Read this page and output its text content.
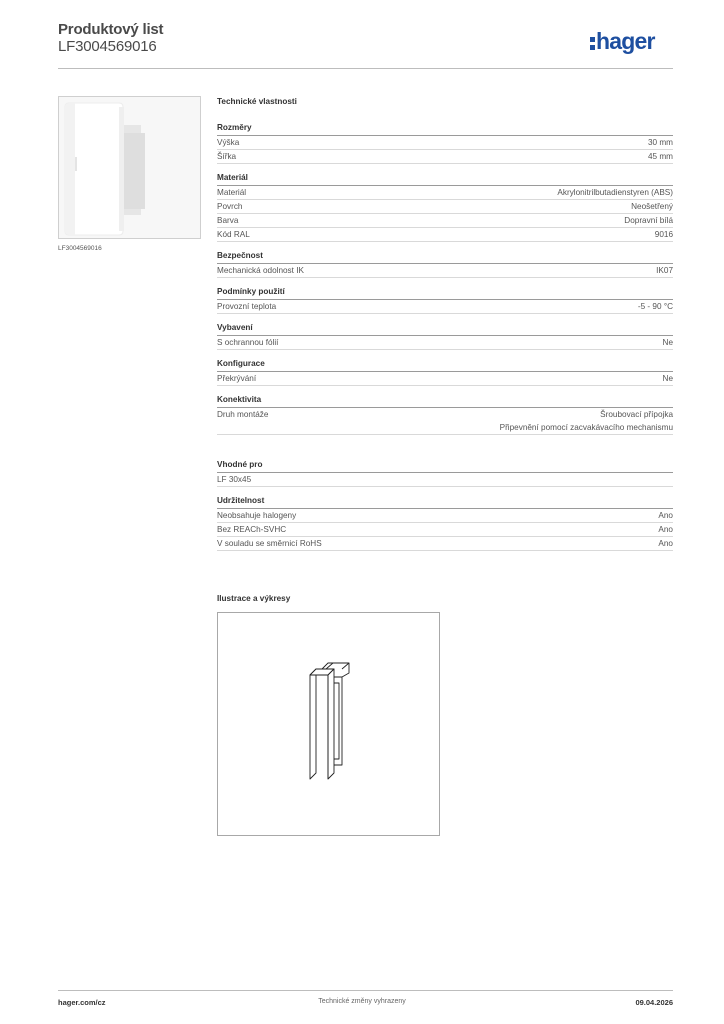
Produktový list
LF3004569016	hager
LF3004569016
Technické vlastnosti
Rozměry
Výška	30 mm
Šířka	45 mm
Materiál
Materiál	Akrylonitrilbutadienstyren (ABS)
Povrch	Neošetřený
Barva	Dopravní bílá
Kód RAL	9016
Bezpečnost
Mechanická odolnost IK	IK07
Podmínky použití
Provozní teplota	-5 - 90 °C
Vybavení
S ochrannou fólií	Ne
Konfigurace
Překrývání	Ne
Konektivita
Druh montáže	Šroubovací přípojka
Připevnění pomocí zacvakávacího mechanismu
Vhodné pro
LF 30x45
Udržitelnost
Neobsahuje halogeny	Ano
Bez REACh-SVHC	Ano
V souladu se směrnicí RoHS	Ano
Ilustrace a výkresy
hager.com/cz	Technické změny vyhrazeny	09.04.2026
